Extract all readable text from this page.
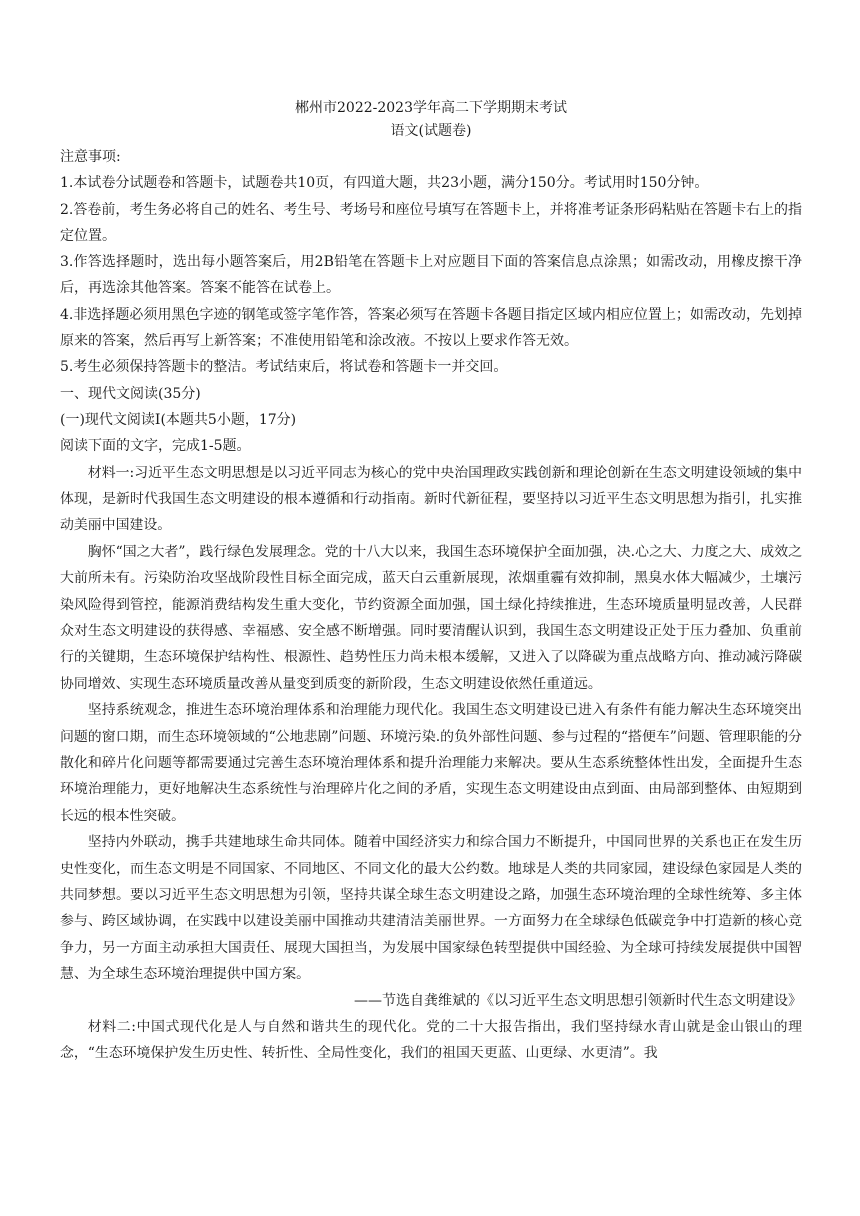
郴州市2022-2023学年高二下学期期末考试

语文(试题卷)

注意事项:

1.本试卷分试题卷和答题卡，试题卷共10页，有四道大题，共23小题，满分150分。考试用时150分钟。

2.答卷前，考生务必将自己的姓名、考生号、考场号和座位号填写在答题卡上，并将准考证条形码粘贴在答题卡右上的指定位置。

3.作答选择题时，选出每小题答案后，用2B铅笔在答题卡上对应题目下面的答案信息点涂黑；如需改动，用橡皮擦干净后，再选涂其他答案。答案不能答在试卷上。

4.非选择题必须用黑色字迹的钢笔或签字笔作答，答案必须写在答题卡各题目指定区域内相应位置上；如需改动，先划掉原来的答案，然后再写上新答案；不准使用铅笔和涂改液。不按以上要求作答无效。

5.考生必须保持答题卡的整洁。考试结束后，将试卷和答题卡一并交回。

一、现代文阅读(35分)

(一)现代文阅读Ⅰ(本题共5小题，17分)

阅读下面的文字，完成1-5题。

材料一:习近平生态文明思想是以习近平同志为核心的党中央治国理政实践创新和理论创新在生态文明建设领域的集中体现，是新时代我国生态文明建设的根本遵循和行动指南。新时代新征程，要坚持以习近平生态文明思想为指引，扎实推动美丽中国建设。

胸怀“国之大者”，践行绿色发展理念。党的十八大以来，我国生态环境保护全面加强，决.心之大、力度之大、成效之大前所未有。污染防治攻坚战阶段性目标全面完成，蓝天白云重新展现，浓烟重霾有效抑制，黑臭水体大幅减少，土壤污染风险得到管控，能源消费结构发生重大变化，节约资源全面加强，国土绿化持续推进，生态环境质量明显改善，人民群众对生态文明建设的获得感、幸福感、安全感不断增强。同时要清醒认识到，我国生态文明建设正处于压力叠加、负重前行的关键期，生态环境保护结构性、根源性、趋势性压力尚未根本缓解，又进入了以降碳为重点战略方向、推动减污降碳协同增效、实现生态环境质量改善从量变到质变的新阶段，生态文明建设依然任重道远。

坚持系统观念，推进生态环境治理体系和治理能力现代化。我国生态文明建设已进入有条件有能力解决生态环境突出问题的窗口期，而生态环境领域的“公地悲剧”问题、环境污染.的负外部性问题、参与过程的“搭便车”问题、管理职能的分散化和碎片化问题等都需要通过完善生态环境治理体系和提升治理能力来解决。要从生态系统整体性出发，全面提升生态环境治理能力，更好地解决生态系统性与治理碎片化之间的矛盾，实现生态文明建设由点到面、由局部到整体、由短期到长远的根本性突破。

坚持内外联动，携手共建地球生命共同体。随着中国经济实力和综合国力不断提升，中国同世界的关系也正在发生历史性变化，而生态文明是不同国家、不同地区、不同文化的最大公约数。地球是人类的共同家园，建设绿色家园是人类的共同梦想。要以习近平生态文明思想为引领，坚持共谋全球生态文明建设之路，加强生态环境治理的全球性统筹、多主体参与、跨区域协调，在实践中以建设美丽中国推动共建清洁美丽世界。一方面努力在全球绿色低碳竞争中打造新的核心竞争力，另一方面主动承担大国责任、展现大国担当，为发展中国家绿色转型提供中国经验、为全球可持续发展提供中国智慧、为全球生态环境治理提供中国方案。

——节选自龚维斌的《以习近平生态文明思想引领新时代生态文明建设》

材料二:中国式现代化是人与自然和谐共生的现代化。党的二十大报告指出，我们坚持绿水青山就是金山银山的理念，“生态环境保护发生历史性、转折性、全局性变化，我们的祖国天更蓝、山更绿、水更清”。我
